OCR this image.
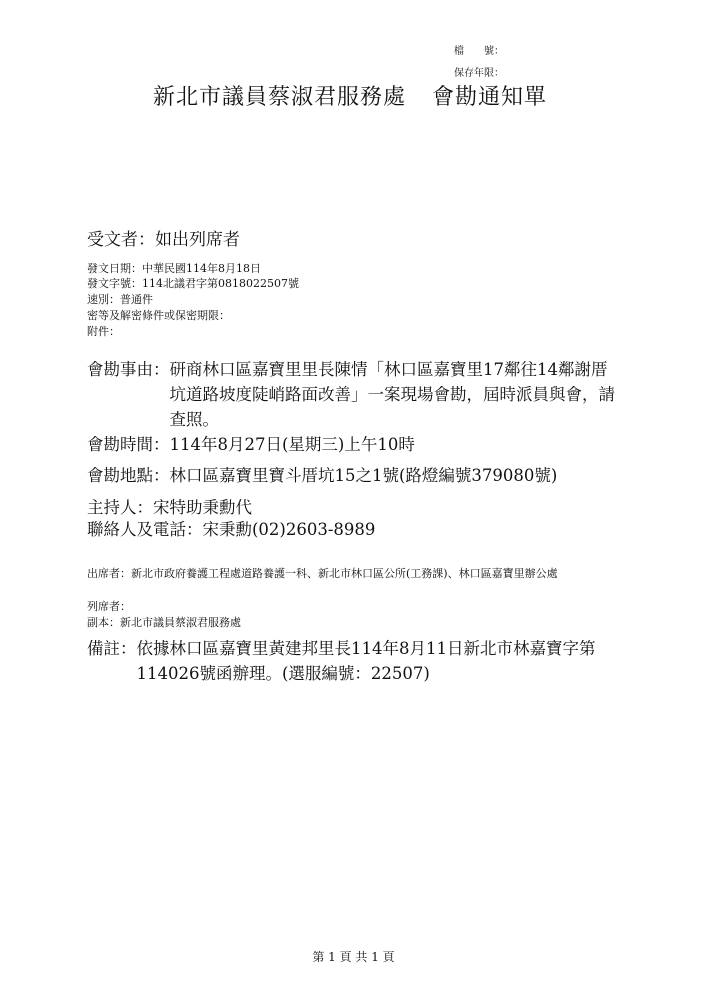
檔　　號：
保存年限：
新北市議員蔡淑君服務處 會勘通知單
受文者：如出列席者
發文日期：中華民國114年8月18日
發文字號：114北議君字第0818022507號
速別：普通件
密等及解密條件或保密期限：
附件：
會勘事由： 研商林口區嘉寶里里長陳情「林口區嘉寶里17鄰往14鄰謝厝坑道路坡度陡峭路面改善」一案現場會勘，屆時派員與會，請查照。
會勘時間： 114年8月27日(星期三)上午10時
會勘地點： 林口區嘉寶里寶斗厝坑15之1號(路燈編號379080號)
主持人：宋特助秉勳代
聯絡人及電話：宋秉勳(02)2603-8989
出席者： 新北市政府養護工程處道路養護一科、新北市林口區公所(工務課)、林口區嘉寶里辦公處
列席者：
副本：新北市議員蔡淑君服務處
備註： 依據林口區嘉寶里黃建邦里長114年8月11日新北市林嘉寶字第114026號函辦理。(選服編號：22507)
第 1 頁 共 1 頁
